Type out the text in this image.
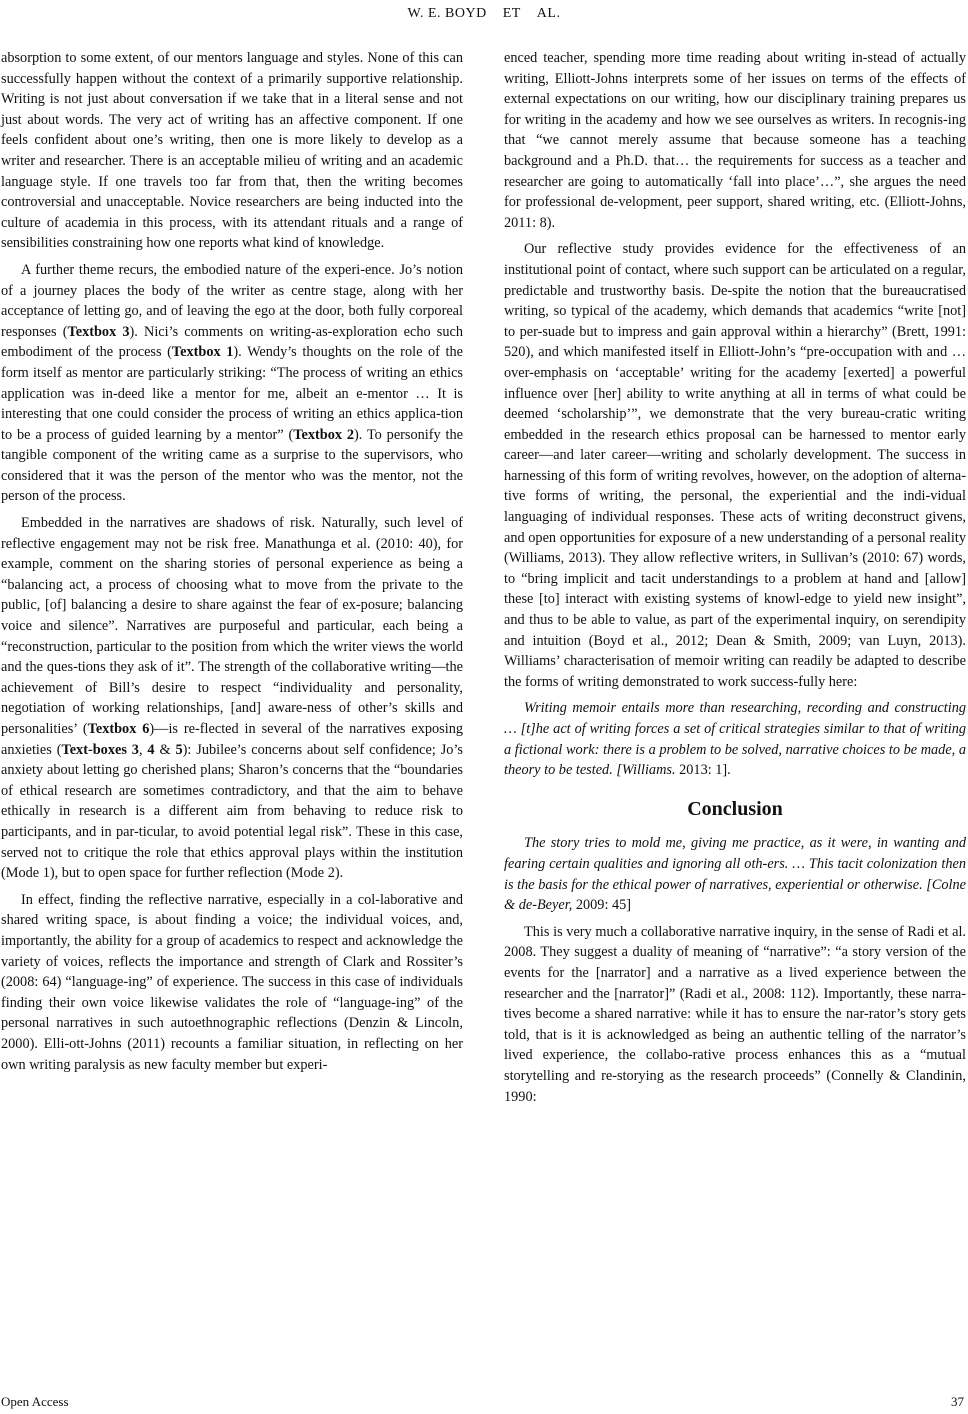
W. E. BOYD ET AL.

absorption to some extent, of our mentors language and styles. None of this can successfully happen without the context of a primarily supportive relationship. Writing is not just about conversation if we take that in a literal sense and not just about words. The very act of writing has an affective component. If one feels confident about one’s writing, then one is more likely to develop as a writer and researcher. There is an acceptable milieu of writing and an academic language style. If one travels too far from that, then the writing becomes controversial and unacceptable. Novice researchers are being inducted into the culture of academia in this process, with its attendant rituals and a range of sensibilities constraining how one reports what kind of knowledge.

A further theme recurs, the embodied nature of the experi-ence. Jo’s notion of a journey places the body of the writer as centre stage, along with her acceptance of letting go, and of leaving the ego at the door, both fully corporeal responses (Textbox 3). Nici’s comments on writing-as-exploration echo such embodiment of the process (Textbox 1). Wendy’s thoughts on the role of the form itself as mentor are particularly striking: “The process of writing an ethics application was in-deed like a mentor for me, albeit an e-mentor … It is interesting that one could consider the process of writing an ethics applica-tion to be a process of guided learning by a mentor” (Textbox 2). To personify the tangible component of the writing came as a surprise to the supervisors, who considered that it was the person of the mentor who was the mentor, not the person of the process.

Embedded in the narratives are shadows of risk. Naturally, such level of reflective engagement may not be risk free. Manathunga et al. (2010: 40), for example, comment on the sharing stories of personal experience as being a “balancing act, a process of choosing what to move from the private to the public, [of] balancing a desire to share against the fear of ex-posure; balancing voice and silence”. Narratives are purposeful and particular, each being a “reconstruction, particular to the position from which the writer views the world and the ques-tions they ask of it”. The strength of the collaborative writing—the achievement of Bill’s desire to respect “individuality and personality, negotiation of working relationships, [and] aware-ness of other’s skills and personalities’ (Textbox 6)—is re-flected in several of the narratives exposing anxieties (Text-boxes 3, 4 & 5): Jubilee’s concerns about self confidence; Jo’s anxiety about letting go cherished plans; Sharon’s concerns that the “boundaries of ethical research are sometimes contradictory, and that the aim to behave ethically in research is a different aim from behaving to reduce risk to participants, and in par-ticular, to avoid potential legal risk”. These in this case, served not to critique the role that ethics approval plays within the institution (Mode 1), but to open space for further reflection (Mode 2).

In effect, finding the reflective narrative, especially in a col-laborative and shared writing space, is about finding a voice; the individual voices, and, importantly, the ability for a group of academics to respect and acknowledge the variety of voices, reflects the importance and strength of Clark and Rossiter’s (2008: 64) “language-ing” of experience. The success in this case of individuals finding their own voice likewise validates the role of “language-ing” of the personal narratives in such autoethnographic reflections (Denzin & Lincoln, 2000). Elli-ott-Johns (2011) recounts a familiar situation, in reflecting on her own writing paralysis as new faculty member but experi-

enced teacher, spending more time reading about writing in-stead of actually writing, Elliott-Johns interprets some of her issues on terms of the effects of external expectations on our writing, how our disciplinary training prepares us for writing in the academy and how we see ourselves as writers. In recognis-ing that “we cannot merely assume that because someone has a teaching background and a Ph.D. that… the requirements for success as a teacher and researcher are going to automatically ‘fall into place’…”, she argues the need for professional de-velopment, peer support, shared writing, etc. (Elliott-Johns, 2011: 8).

Our reflective study provides evidence for the effectiveness of an institutional point of contact, where such support can be articulated on a regular, predictable and trustworthy basis. De-spite the notion that the bureaucratised writing, so typical of the academy, which demands that academics “write [not] to per-suade but to impress and gain approval within a hierarchy” (Brett, 1991: 520), and which manifested itself in Elliott-John’s “pre-occupation with and … over-emphasis on ‘acceptable’ writing for the academy [exerted] a powerful influence over [her] ability to write anything at all in terms of what could be deemed ‘scholarship’”, we demonstrate that the very bureau-cratic writing embedded in the research ethics proposal can be harnessed to mentor early career—and later career—writing and scholarly development. The success in harnessing of this form of writing revolves, however, on the adoption of alterna-tive forms of writing, the personal, the experiential and the indi-vidual languaging of individual responses. These acts of writing deconstruct givens, and open opportunities for exposure of a new understanding of a personal reality (Williams, 2013). They allow reflective writers, in Sullivan’s (2010: 67) words, to “bring implicit and tacit understandings to a problem at hand and [allow] these [to] interact with existing systems of knowl-edge to yield new insight”, and thus to be able to value, as part of the experimental inquiry, on serendipity and intuition (Boyd et al., 2012; Dean & Smith, 2009; van Luyn, 2013). Williams’ characterisation of memoir writing can readily be adapted to describe the forms of writing demonstrated to work success-fully here:

Writing memoir entails more than researching, recording and constructing … [t]he act of writing forces a set of critical strategies similar to that of writing a fictional work: there is a problem to be solved, narrative choices to be made, a theory to be tested. [Williams. 2013: 1].

Conclusion

The story tries to mold me, giving me practice, as it were, in wanting and fearing certain qualities and ignoring all oth-ers. … This tacit colonization then is the basis for the ethical power of narratives, experiential or otherwise. [Colne & de-Beyer, 2009: 45]

This is very much a collaborative narrative inquiry, in the sense of Radi et al. 2008. They suggest a duality of meaning of “narrative”: “a story version of the events for the [narrator] and a narrative as a lived experience between the researcher and the [narrator]” (Radi et al., 2008: 112). Importantly, these narra-tives become a shared narrative: while it has to ensure the nar-rator’s story gets told, that is it is acknowledged as being an authentic telling of the narrator’s lived experience, the collabo-rative process enhances this as a “mutual storytelling and re-storying as the research proceeds” (Connelly & Clandinin, 1990:

Open Access	37
